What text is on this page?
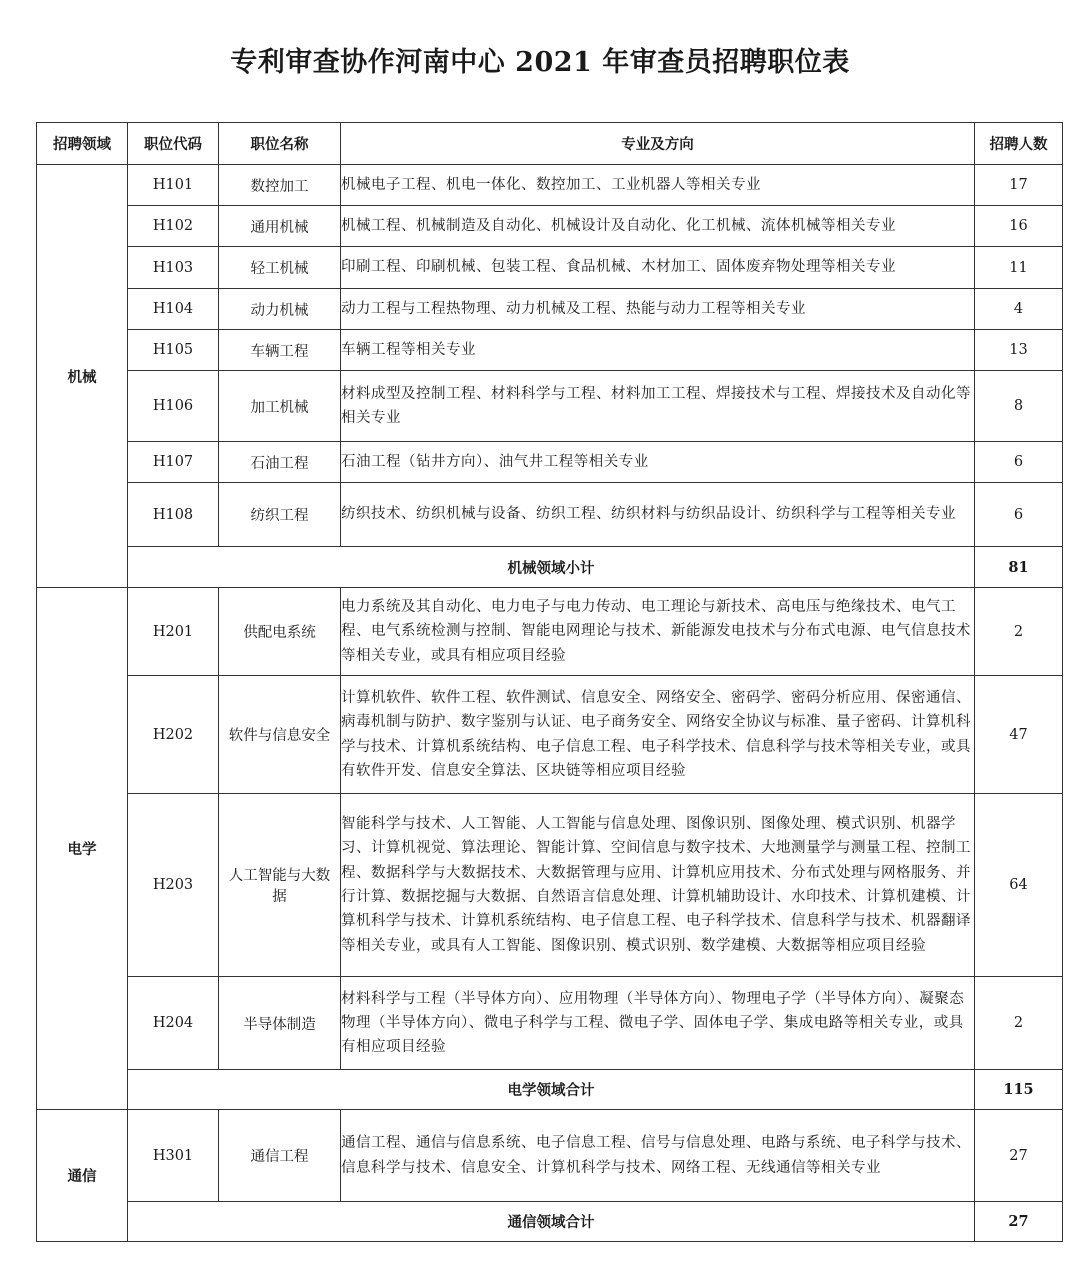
专利审查协作河南中心 2021 年审查员招聘职位表
招聘领域	职位代码	职位名称	专业及方向	招聘人数
机械	H101	数控加工	机械电子工程、机电一体化、数控加工、工业机器人等相关专业	17
	H102	通用机械	机械工程、机械制造及自动化、机械设计及自动化、化工机械、流体机械等相关专业	16
	H103	轻工机械	印刷工程、印刷机械、包装工程、食品机械、木材加工、固体废弃物处理等相关专业	11
	H104	动力机械	动力工程与工程热物理、动力机械及工程、热能与动力工程等相关专业	4
	H105	车辆工程	车辆工程等相关专业	13
	H106	加工机械	材料成型及控制工程、材料科学与工程、材料加工工程、焊接技术与工程、焊接技术及自动化等相关专业	8
	H107	石油工程	石油工程（钻井方向）、油气井工程等相关专业	6
	H108	纺织工程	纺织技术、纺织机械与设备、纺织工程、纺织材料与纺织品设计、纺织科学与工程等相关专业	6
	机械领域小计			81
电学	H201	供配电系统	电力系统及其自动化、电力电子与电力传动、电工理论与新技术、高电压与绝缘技术、电气工程、电气系统检测与控制、智能电网理论与技术、新能源发电技术与分布式电源、电气信息技术等相关专业，或具有相应项目经验	2
	H202	软件与信息安全	计算机软件、软件工程、软件测试、信息安全、网络安全、密码学、密码分析应用、保密通信、病毒机制与防护、数字鉴别与认证、电子商务安全、网络安全协议与标准、量子密码、计算机科学与技术、计算机系统结构、电子信息工程、电子科学技术、信息科学与技术等相关专业，或具有软件开发、信息安全算法、区块链等相应项目经验	47
	H203	人工智能与大数据	智能科学与技术、人工智能、人工智能与信息处理、图像识别、图像处理、模式识别、机器学习、计算机视觉、算法理论、智能计算、空间信息与数字技术、大地测量学与测量工程、控制工程、数据科学与大数据技术、大数据管理与应用、计算机应用技术、分布式处理与网格服务、并行计算、数据挖掘与大数据、自然语言信息处理、计算机辅助设计、水印技术、计算机建模、计算机科学与技术、计算机系统结构、电子信息工程、电子科学技术、信息科学与技术、机器翻译等相关专业，或具有人工智能、图像识别、模式识别、数学建模、大数据等相应项目经验	64
	H204	半导体制造	材料科学与工程（半导体方向）、应用物理（半导体方向）、物理电子学（半导体方向）、凝聚态物理（半导体方向）、微电子科学与工程、微电子学、固体电子学、集成电路等相关专业，或具有相应项目经验	2
	电学领域合计			115
通信	H301	通信工程	通信工程、通信与信息系统、电子信息工程、信号与信息处理、电路与系统、电子科学与技术、信息科学与技术、信息安全、计算机科学与技术、网络工程、无线通信等相关专业	27
	通信领域合计			27
